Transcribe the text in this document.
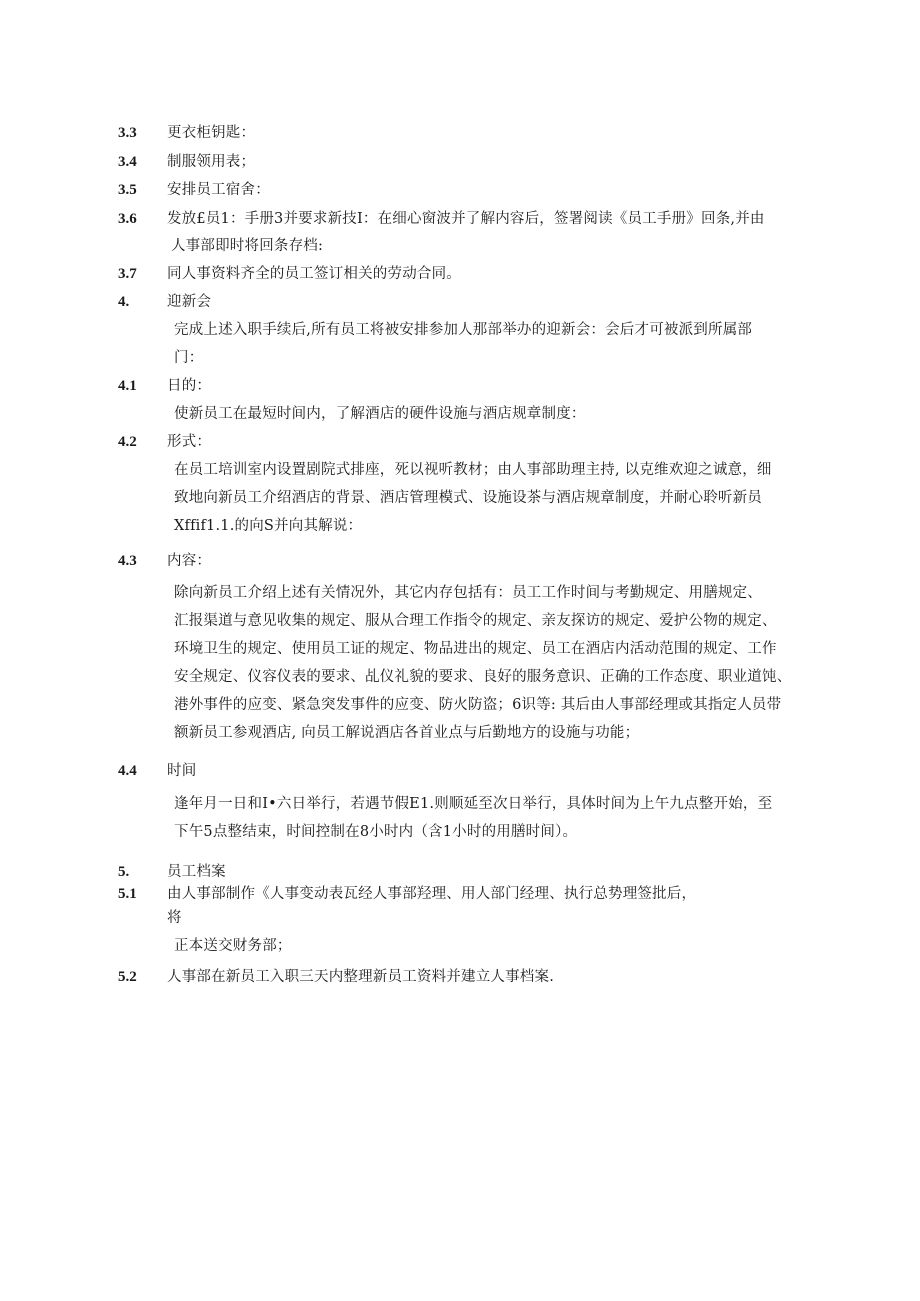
3.3 更衣柜钥匙：
3.4 制服领用表；
3.5 安排员工宿舍：
3.6 发放£员1：手册3并要求新技I：在细心窗波并了解内容后，签署阅读《员工手册》回条,并由
人事部即时将回条存档:
3.7 同人事资料齐全的员工签订相关的劳动合同。
4.	迎新会
完成上述入职手续后,所有员工将被安排参加人那部举办的迎新会：会后才可被派到所属部
门：
4.1 日的：
使新员工在最短时间内，了解酒店的硬件设施与酒店规章制度：
4.2 形式：
在员工培训室内设置剧院式排座，死以视听教材；由人事部助理主持, 以克维欢迎之诚意，细
致地向新员工介绍酒店的背景、酒店管理模式、设施设茶与酒店规章制度，并耐心聆听新员
Xffif1.1.的向S并向其解说：
4.3 内容：
除向新员工介绍上述有关情况外，其它内存包括有：员工工作时间与考勤规定、用膳规定、
汇报渠道与意见收集的规定、服从合理工作指令的规定、亲友探访的规定、爱护公物的规定、
环境卫生的规定、使用员工证的规定、物品进出的规定、员工在酒店内活动范围的规定、工作
安全规定、仪容仪表的要求、乩仪礼貌的要求、良好的服务意识、正确的工作态度、职业道饨、
港外事件的应变、紧急突发事件的应变、防火防盗；6识等: 其后由人事部经理或其指定人员带
额新员工参观酒店, 向员工解说酒店各首业点与后勤地方的设施与功能；
4.4 时间
逢年月一日和I•六日举行，若遇节假E1.则顺延至次日举行，具体时间为上午九点整开始，至
下午5点整结束，时间控制在8小时内（含1小时的用膳时间）。
5.	员工档案
5.1 由人事部制作《人事变动表瓦经人事部羟理、用人部门经理、执行总势理签批后，
将
正本送交财务部；
5.2 人事部在新员工入职三天内整理新员工资料并建立人事档案.
